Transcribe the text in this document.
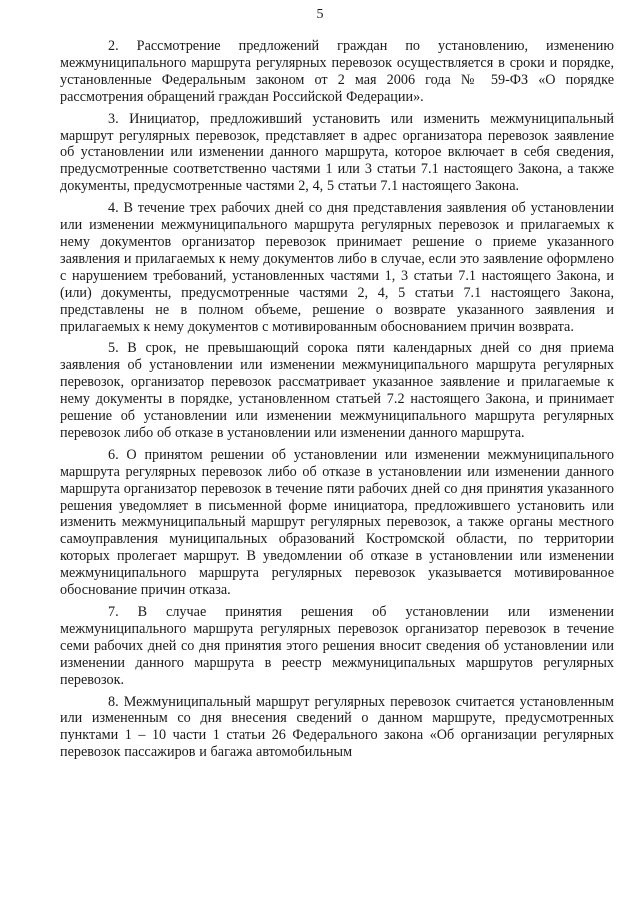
5

2. Рассмотрение предложений граждан по установлению, изменению межмуниципального маршрута регулярных перевозок осуществляется в сроки и порядке, установленные Федеральным законом от 2 мая 2006 года № 59-ФЗ «О порядке рассмотрения обращений граждан Российской Федерации».

3. Инициатор, предложивший установить или изменить межмуниципальный маршрут регулярных перевозок, представляет в адрес организатора перевозок заявление об установлении или изменении данного маршрута, которое включает в себя сведения, предусмотренные соответственно частями 1 или 3 статьи 7.1 настоящего Закона, а также документы, предусмотренные частями 2, 4, 5 статьи 7.1 настоящего Закона.

4. В течение трех рабочих дней со дня представления заявления об установлении или изменении межмуниципального маршрута регулярных перевозок и прилагаемых к нему документов организатор перевозок принимает решение о приеме указанного заявления и прилагаемых к нему документов либо в случае, если это заявление оформлено с нарушением требований, установленных частями 1, 3 статьи 7.1 настоящего Закона, и (или) документы, предусмотренные частями 2, 4, 5 статьи 7.1 настоящего Закона, представлены не в полном объеме, решение о возврате указанного заявления и прилагаемых к нему документов с мотивированным обоснованием причин возврата.

5. В срок, не превышающий сорока пяти календарных дней со дня приема заявления об установлении или изменении межмуниципального маршрута регулярных перевозок, организатор перевозок рассматривает указанное заявление и прилагаемые к нему документы в порядке, установленном статьей 7.2 настоящего Закона, и принимает решение об установлении или изменении межмуниципального маршрута регулярных перевозок либо об отказе в установлении или изменении данного маршрута.

6. О принятом решении об установлении или изменении межмуниципального маршрута регулярных перевозок либо об отказе в установлении или изменении данного маршрута организатор перевозок в течение пяти рабочих дней со дня принятия указанного решения уведомляет в письменной форме инициатора, предложившего установить или изменить межмуниципальный маршрут регулярных перевозок, а также органы местного самоуправления муниципальных образований Костромской области, по территории которых пролегает маршрут. В уведомлении об отказе в установлении или изменении межмуниципального маршрута регулярных перевозок указывается мотивированное обоснование причин отказа.

7. В случае принятия решения об установлении или изменении межмуниципального маршрута регулярных перевозок организатор перевозок в течение семи рабочих дней со дня принятия этого решения вносит сведения об установлении или изменении данного маршрута в реестр межмуниципальных маршрутов регулярных перевозок.

8. Межмуниципальный маршрут регулярных перевозок считается установленным или измененным со дня внесения сведений о данном маршруте, предусмотренных пунктами 1 – 10 части 1 статьи 26 Федерального закона «Об организации регулярных перевозок пассажиров и багажа автомобильным
